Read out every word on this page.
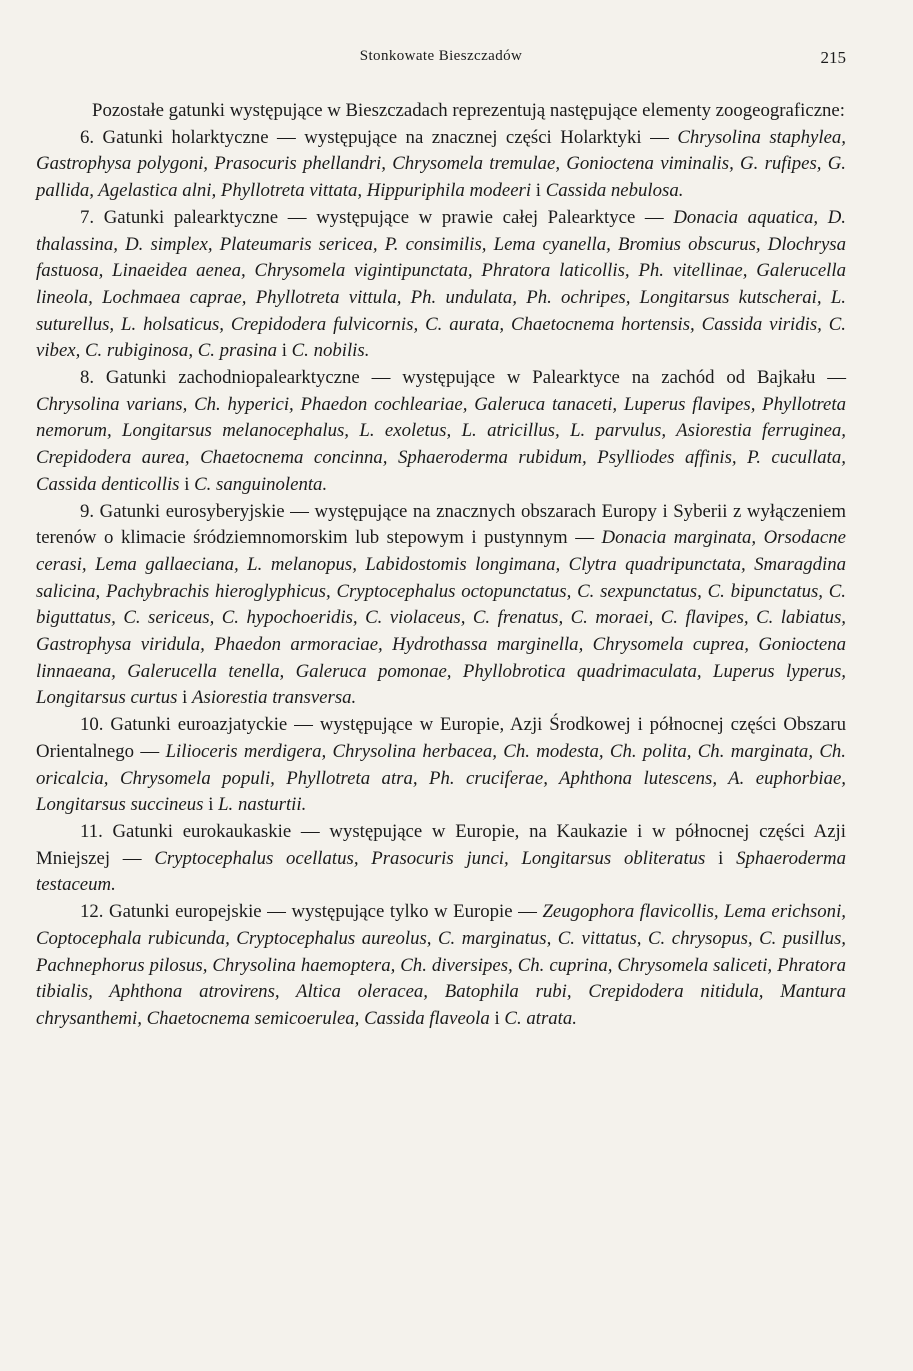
Stonkowate Bieszczadów	215

Pozostałe gatunki występujące w Bieszczadach reprezentują następujące elementy zoogeograficzne:

6. Gatunki holarktyczne — występujące na znacznej części Holarktyki — Chrysolina staphylea, Gastrophysa polygoni, Prasocuris phellandri, Chrysomela tremulae, Gonioctena viminalis, G. rufipes, G. pallida, Agelastica alni, Phyllotreta vittata, Hippuriphila modeeri i Cassida nebulosa.

7. Gatunki palearktyczne — występujące w prawie całej Palearktyce — Donacia aquatica, D. thalassina, D. simplex, Plateumaris sericea, P. consimilis, Lema cyanella, Bromius obscurus, Dlochrysa fastuosa, Linaeidea aenea, Chrysomela vigintipunctata, Phratora laticollis, Ph. vitellinae, Galerucella lineola, Lochmaea caprae, Phyllotreta vittula, Ph. undulata, Ph. ochripes, Longitarsus kutscherai, L. suturellus, L. holsaticus, Crepidodera fulvicornis, C. aurata, Chaetocnema hortensis, Cassida viridis, C. vibex, C. rubiginosa, C. prasina i C. nobilis.

8. Gatunki zachodniopalearktyczne — występujące w Palearktyce na zachód od Bajkału — Chrysolina varians, Ch. hyperici, Phaedon cochleariae, Galeruca tanaceti, Luperus flavipes, Phyllotreta nemorum, Longitarsus melanocephalus, L. exoletus, L. atricillus, L. parvulus, Asiorestia ferruginea, Crepidodera aurea, Chaetocnema concinna, Sphaeroderma rubidum, Psylliodes affinis, P. cucullata, Cassida denticollis i C. sanguinolenta.

9. Gatunki eurosyberyjskie — występujące na znacznych obszarach Europy i Syberii z wyłączeniem terenów o klimacie śródziemnomorskim lub stepowym i pustynnym — Donacia marginata, Orsodacne cerasi, Lema gallaeciana, L. melanopus, Labidostomis longimana, Clytra quadripunctata, Smaragdina salicina, Pachybrachis hieroglyphicus, Cryptocephalus octopunctatus, C. sexpunctatus, C. bipunctatus, C. biguttatus, C. sericeus, C. hypochoeridis, C. violaceus, C. frenatus, C. moraei, C. flavipes, C. labiatus, Gastrophysa viridula, Phaedon armoraciae, Hydrothassa marginella, Chrysomela cuprea, Gonioctena linnaeana, Galerucella tenella, Galeruca pomonae, Phyllobrotica quadrimaculata, Luperus lyperus, Longitarsus curtus i Asiorestia transversa.

10. Gatunki euroazjatyckie — występujące w Europie, Azji Środkowej i północnej części Obszaru Orientalnego — Lilioceris merdigera, Chrysolina herbacea, Ch. modesta, Ch. polita, Ch. marginata, Ch. oricalcia, Chrysomela populi, Phyllotreta atra, Ph. cruciferae, Aphthona lutescens, A. euphorbiae, Longitarsus succineus i L. nasturtii.

11. Gatunki eurokaukaskie — występujące w Europie, na Kaukazie i w północnej części Azji Mniejszej — Cryptocephalus ocellatus, Prasocuris junci, Longitarsus obliteratus i Sphaeroderma testaceum.

12. Gatunki europejskie — występujące tylko w Europie — Zeugophora flavicollis, Lema erichsoni, Coptocephala rubicunda, Cryptocephalus aureolus, C. marginatus, C. vittatus, C. chrysopus, C. pusillus, Pachnephorus pilosus, Chrysolina haemoptera, Ch. diversipes, Ch. cuprina, Chrysomela saliceti, Phratora tibialis, Aphthona atrovirens, Altica oleracea, Batophila rubi, Crepidodera nitidula, Mantura chrysanthemi, Chaetocnema semicoerulea, Cassida flaveola i C. atrata.
